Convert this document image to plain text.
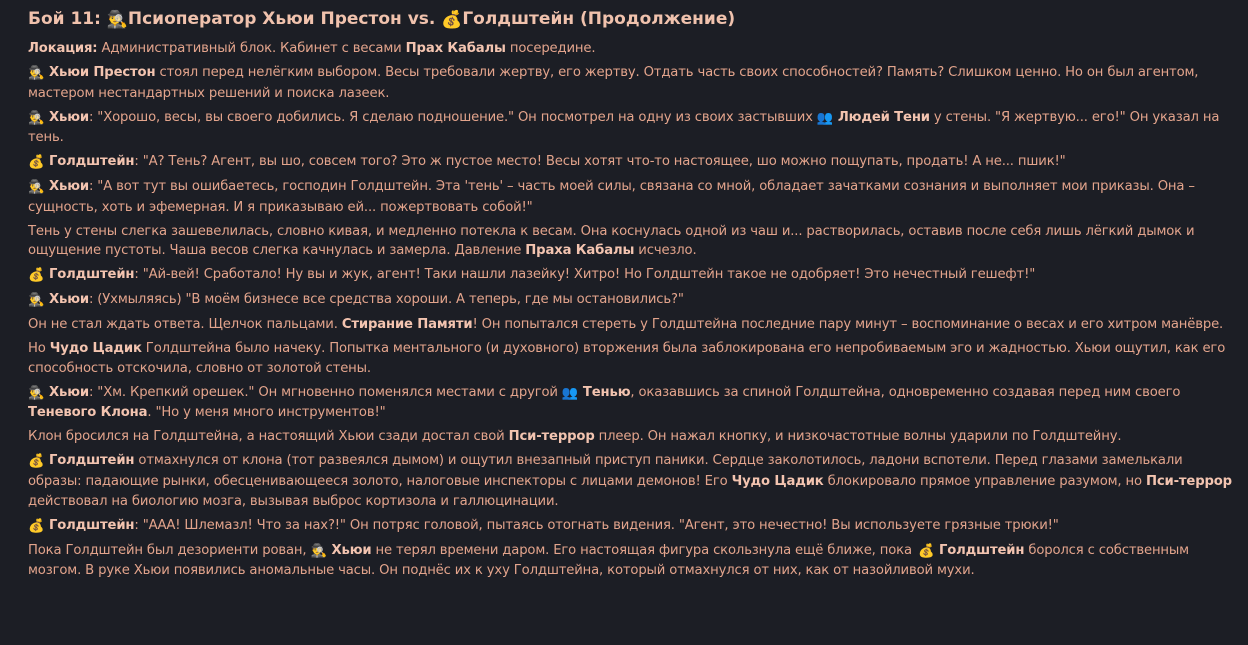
Бой 11: 🕵️‍♂️Псиоператор Хьюи Престон vs. 💰Голдштейн (Продолжение)

Локация: Административный блок. Кабинет с весами Прах Кабалы посередине.

🕵️‍♂️ Хьюи Престон стоял перед нелёгким выбором. Весы требовали жертву, его жертву. Отдать часть своих способностей? Память? Слишком ценно. Но он был агентом, мастером нестандартных решений и поиска лазеек.

🕵️‍♂️ Хьюи: "Хорошо, весы, вы своего добились. Я сделаю подношение." Он посмотрел на одну из своих застывших 👥 Людей Тени у стены. "Я жертвую... его!" Он указал на тень.

💰 Голдштейн: "А? Тень? Агент, вы шо, совсем того? Это ж пустое место! Весы хотят что-то настоящее, шо можно пощупать, продать! А не... пшик!"

🕵️‍♂️ Хьюи: "А вот тут вы ошибаетесь, господин Голдштейн. Эта 'тень' – часть моей силы, связана со мной, обладает зачатками сознания и выполняет мои приказы. Она – сущность, хоть и эфемерная. И я приказываю ей... пожертвовать собой!"

Тень у стены слегка зашевелилась, словно кивая, и медленно потекла к весам. Она коснулась одной из чаш и... растворилась, оставив после себя лишь лёгкий дымок и ощущение пустоты. Чаша весов слегка качнулась и замерла. Давление Праха Кабалы исчезло.

💰 Голдштейн: "Ай-вей! Сработало! Ну вы и жук, агент! Таки нашли лазейку! Хитро! Но Голдштейн такое не одобряет! Это нечестный гешефт!"

🕵️‍♂️ Хьюи: (Ухмыляясь) "В моём бизнесе все средства хороши. А теперь, где мы остановились?"

Он не стал ждать ответа. Щелчок пальцами. Стирание Памяти! Он попытался стереть у Голдштейна последние пару минут – воспоминание о весах и его хитром манёвре.

Но Чудо Цадик Голдштейна было начеку. Попытка ментального (и духовного) вторжения была заблокирована его непробиваемым эго и жадностью. Хьюи ощутил, как его способность отскочила, словно от золотой стены.

🕵️‍♂️ Хьюи: "Хм. Крепкий орешек." Он мгновенно поменялся местами с другой 👥 Тенью, оказавшись за спиной Голдштейна, одновременно создавая перед ним своего Теневого Клона. "Но у меня много инструментов!"

Клон бросился на Голдштейна, а настоящий Хьюи сзади достал свой Пси-террор плеер. Он нажал кнопку, и низкочастотные волны ударили по Голдштейну.

💰 Голдштейн отмахнулся от клона (тот развеялся дымом) и ощутил внезапный приступ паники. Сердце заколотилось, ладони вспотели. Перед глазами замелькали образы: падающие рынки, обесценивающееся золото, налоговые инспекторы с лицами демонов! Его Чудо Цадик блокировало прямое управление разумом, но Пси-террор действовал на биологию мозга, вызывая выброс кортизола и галлюцинации.

💰 Голдштейн: "ААА! Шлемазл! Что за нах?!" Он потряс головой, пытаясь отогнать видения. "Агент, это нечестно! Вы используете грязные трюки!"

Пока Голдштейн был дезориенти рован, 🕵️‍♂️ Хьюи не терял времени даром. Его настоящая фигура скользнула ещё ближе, пока 💰 Голдштейн боролся с собственным мозгом. В руке Хьюи появились аномальные часы. Он поднёс их к уху Голдштейна, который отмахнулся от них, как от назойливой мухи.
